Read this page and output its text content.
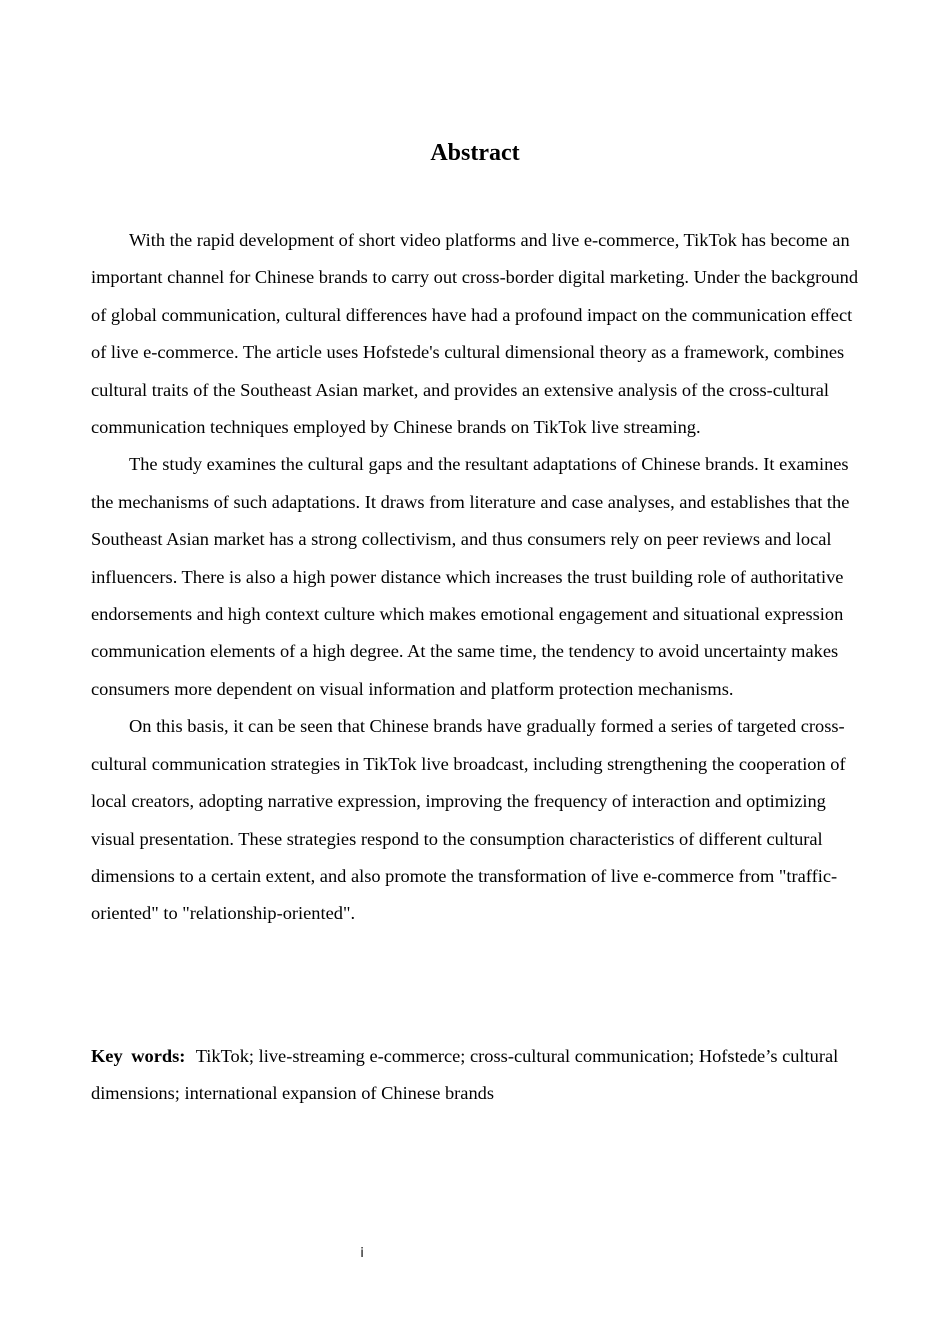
Abstract

With the rapid development of short video platforms and live e-commerce, TikTok has become an important channel for Chinese brands to carry out cross-border digital marketing. Under the background of global communication, cultural differences have had a profound impact on the communication effect of live e-commerce. The article uses Hofstede's cultural dimensional theory as a framework, combines cultural traits of the Southeast Asian market, and provides an extensive analysis of the cross-cultural communication techniques employed by Chinese brands on TikTok live streaming.

The study examines the cultural gaps and the resultant adaptations of Chinese brands. It examines the mechanisms of such adaptations. It draws from literature and case analyses, and establishes that the Southeast Asian market has a strong collectivism, and thus consumers rely on peer reviews and local influencers. There is also a high power distance which increases the trust building role of authoritative endorsements and high context culture which makes emotional engagement and situational expression communication elements of a high degree. At the same time, the tendency to avoid uncertainty makes consumers more dependent on visual information and platform protection mechanisms.

On this basis, it can be seen that Chinese brands have gradually formed a series of targeted cross-cultural communication strategies in TikTok live broadcast, including strengthening the cooperation of local creators, adopting narrative expression, improving the frequency of interaction and optimizing visual presentation. These strategies respond to the consumption characteristics of different cultural dimensions to a certain extent, and also promote the transformation of live e-commerce from "traffic-oriented" to "relationship-oriented".

Key words: TikTok; live-streaming e-commerce; cross-cultural communication; Hofstede’s cultural dimensions; international expansion of Chinese brands

i
